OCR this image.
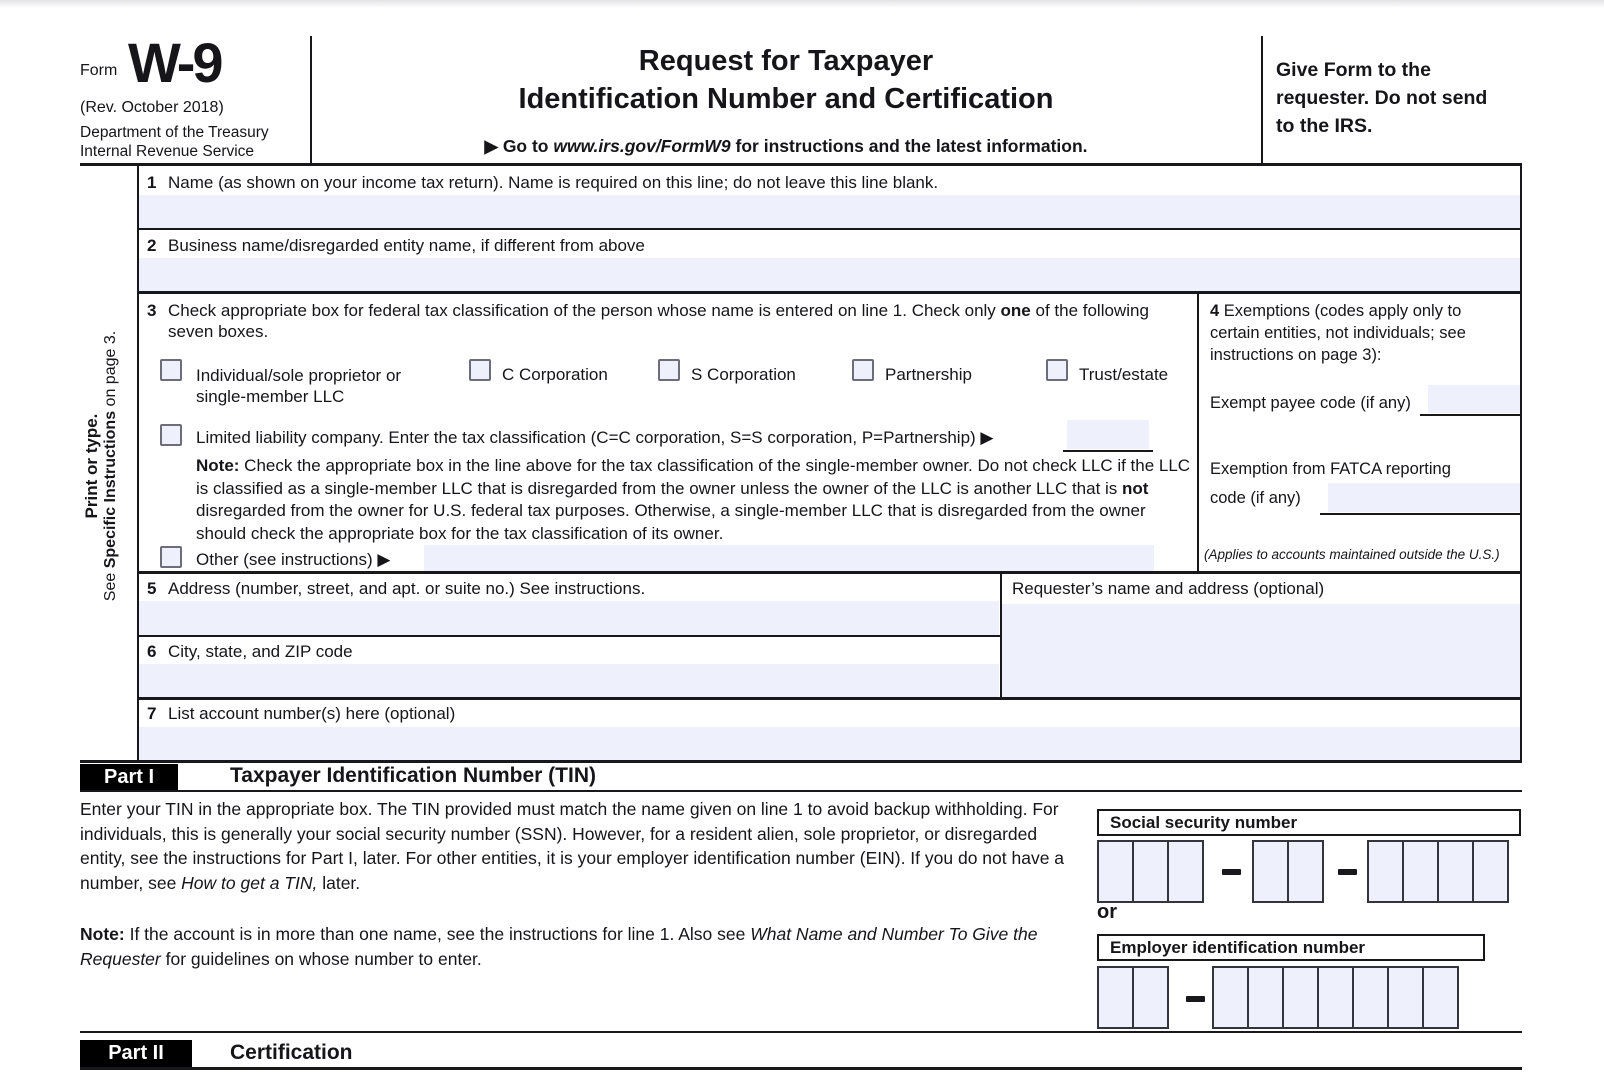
Form W-9
(Rev. October 2018)
Department of the Treasury
Internal Revenue Service
Request for Taxpayer
Identification Number and Certification
▶ Go to www.irs.gov/FormW9 for instructions and the latest information.
Give Form to the requester. Do not send to the IRS.
Print or type.
See Specific Instructions on page 3.
1 Name (as shown on your income tax return). Name is required on this line; do not leave this line blank.
2 Business name/disregarded entity name, if different from above
3 Check appropriate box for federal tax classification of the person whose name is entered on line 1. Check only one of the following seven boxes.
Individual/sole proprietor or single-member LLC
C Corporation	S Corporation	Partnership	Trust/estate
Limited liability company. Enter the tax classification (C=C corporation, S=S corporation, P=Partnership) ▶
Note: Check the appropriate box in the line above for the tax classification of the single-member owner. Do not check LLC if the LLC is classified as a single-member LLC that is disregarded from the owner unless the owner of the LLC is another LLC that is not disregarded from the owner for U.S. federal tax purposes. Otherwise, a single-member LLC that is disregarded from the owner should check the appropriate box for the tax classification of its owner.
Other (see instructions) ▶
4 Exemptions (codes apply only to certain entities, not individuals; see instructions on page 3):
Exempt payee code (if any)
Exemption from FATCA reporting
code (if any)
(Applies to accounts maintained outside the U.S.)
5 Address (number, street, and apt. or suite no.) See instructions.	Requester’s name and address (optional)
6 City, state, and ZIP code
7 List account number(s) here (optional)
Part I	Taxpayer Identification Number (TIN)
Enter your TIN in the appropriate box. The TIN provided must match the name given on line 1 to avoid backup withholding. For individuals, this is generally your social security number (SSN). However, for a resident alien, sole proprietor, or disregarded entity, see the instructions for Part I, later. For other entities, it is your employer identification number (EIN). If you do not have a number, see How to get a TIN, later.
Note: If the account is in more than one name, see the instructions for line 1. Also see What Name and Number To Give the Requester for guidelines on whose number to enter.
Social security number
or
Employer identification number
Part II	Certification
